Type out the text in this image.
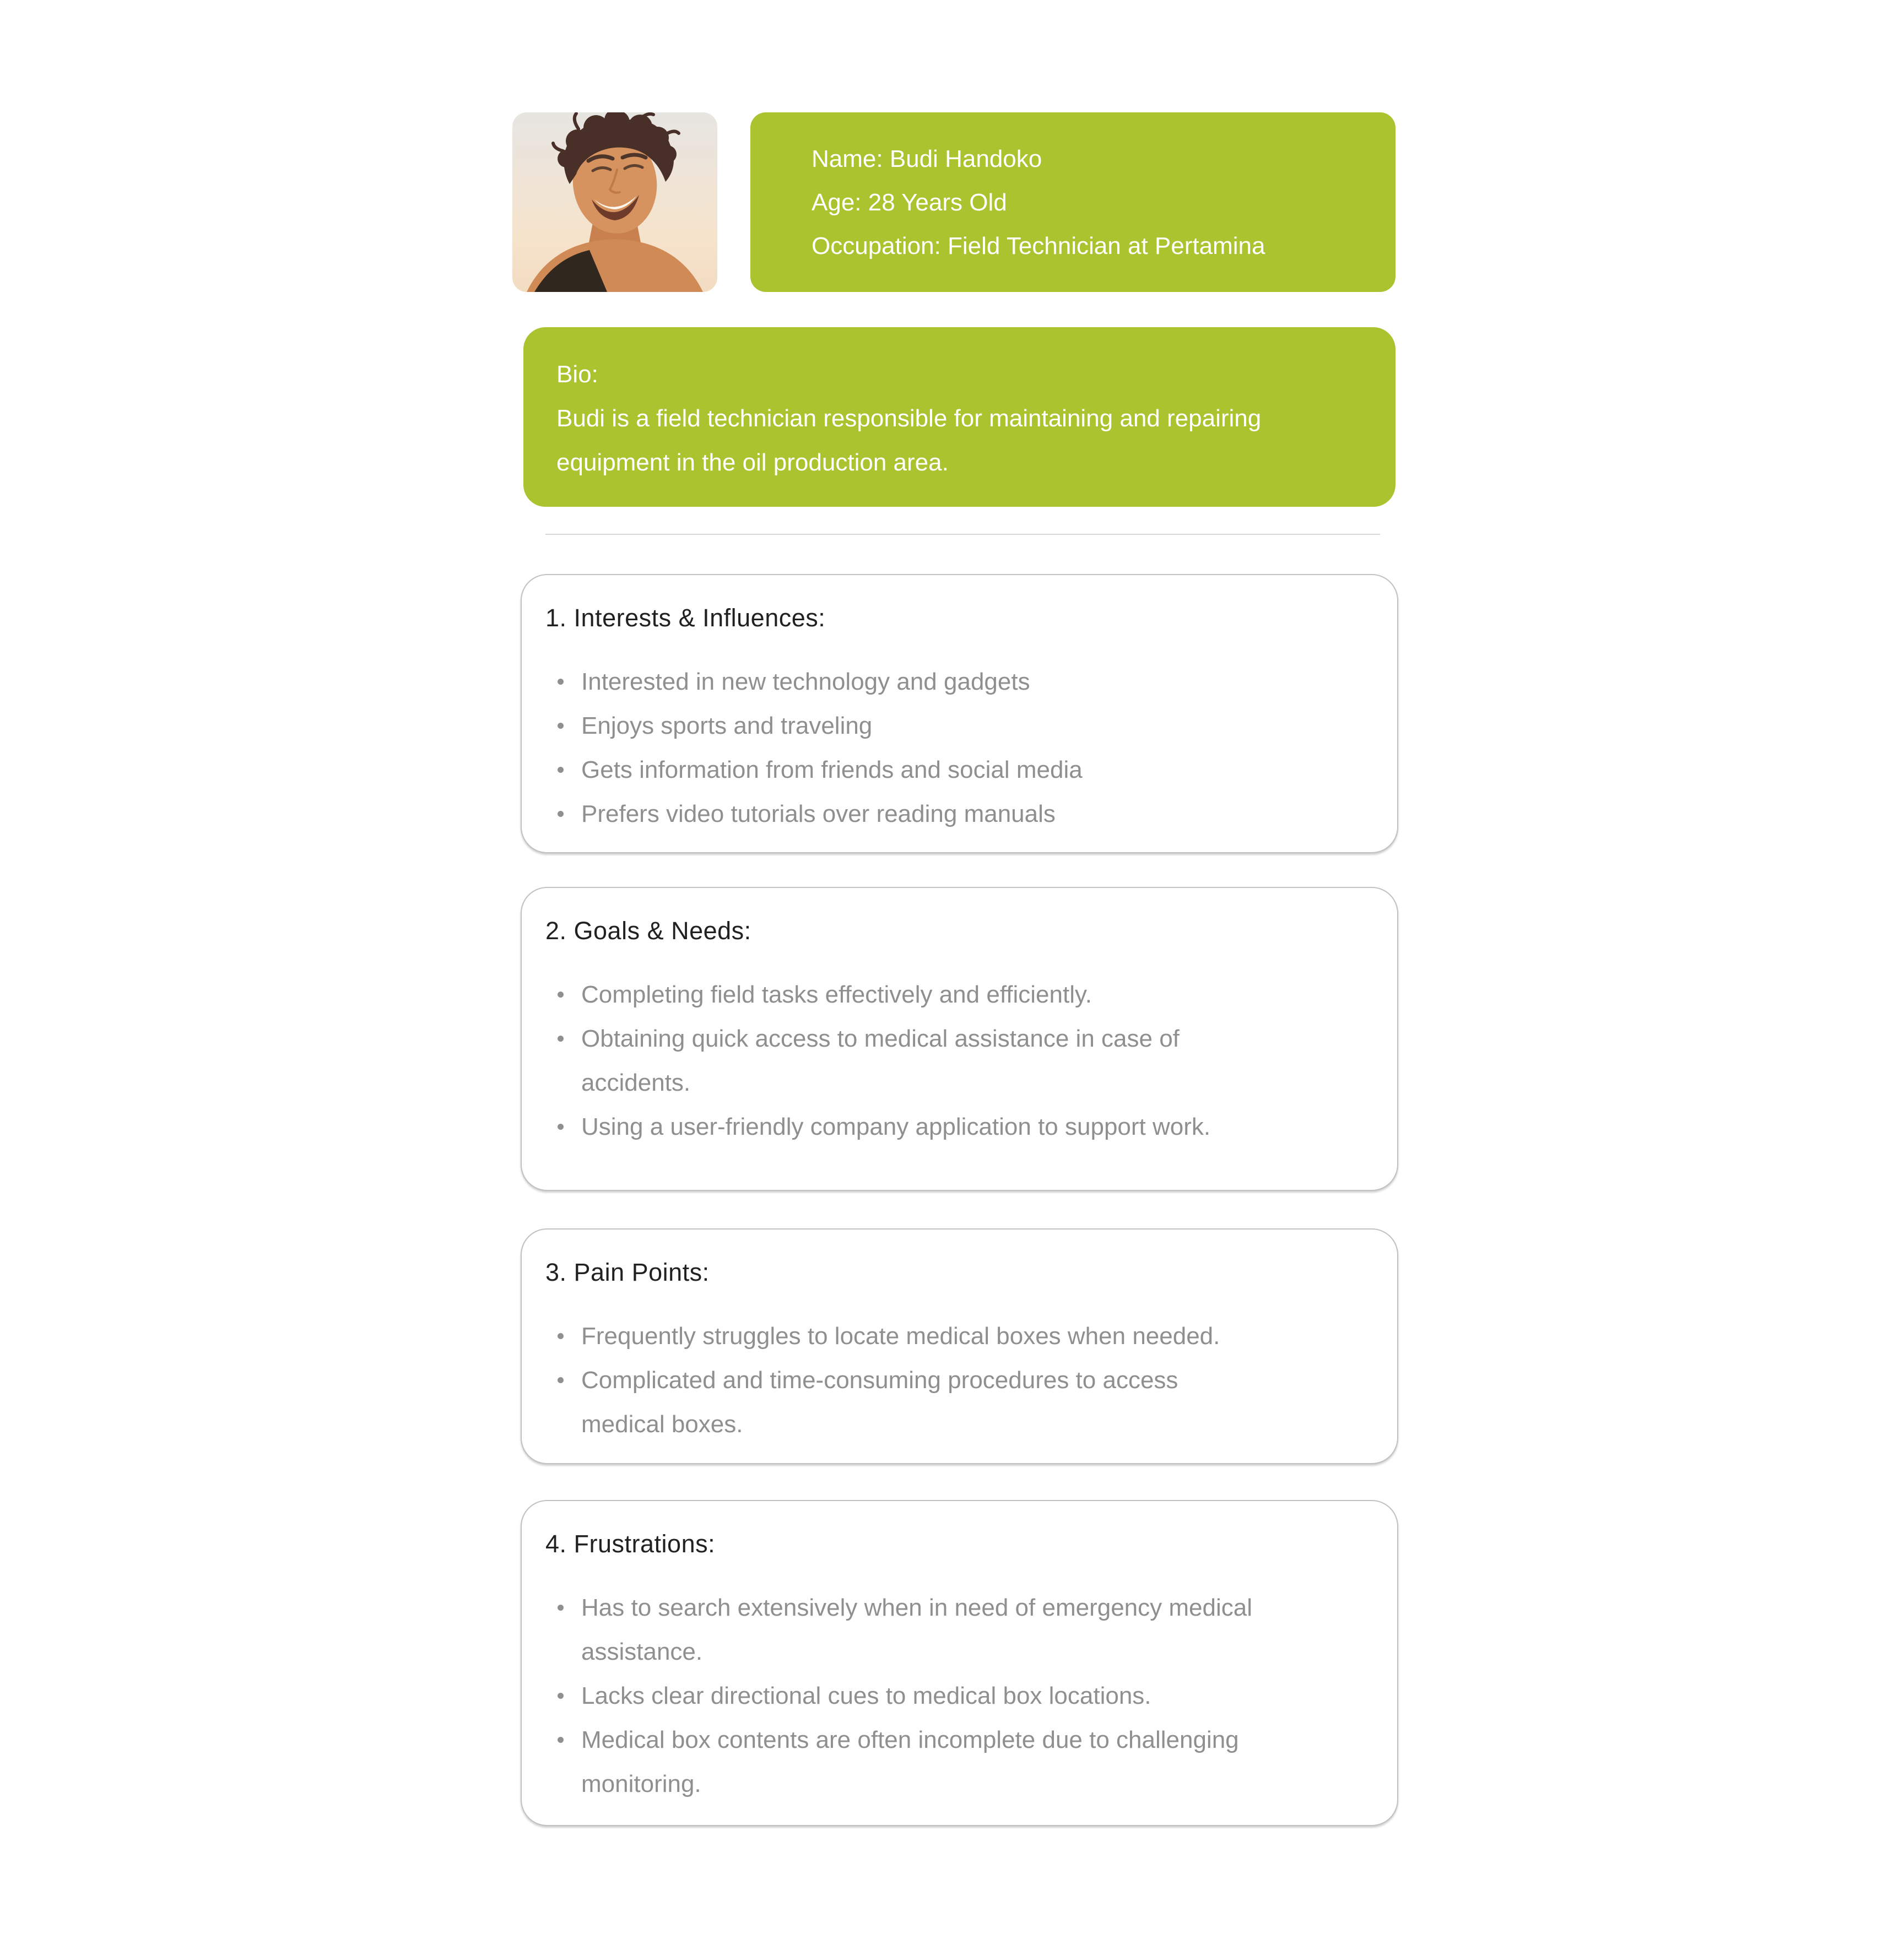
Name: Budi Handoko
Age: 28 Years Old
Occupation: Field Technician at Pertamina
Bio:
Budi is a field technician responsible for maintaining and repairing equipment in the oil production area.
1. Interests & Influences:
Interested in new technology and gadgets
Enjoys sports and traveling
Gets information from friends and social media
Prefers video tutorials over reading manuals
2. Goals & Needs:
Completing field tasks effectively and efficiently.
Obtaining quick access to medical assistance in case of accidents.
Using a user-friendly company application to support work.
3. Pain Points:
Frequently struggles to locate medical boxes when needed.
Complicated and time-consuming procedures to access medical boxes.
4. Frustrations:
Has to search extensively when in need of emergency medical assistance.
Lacks clear directional cues to medical box locations.
Medical box contents are often incomplete due to challenging monitoring.
